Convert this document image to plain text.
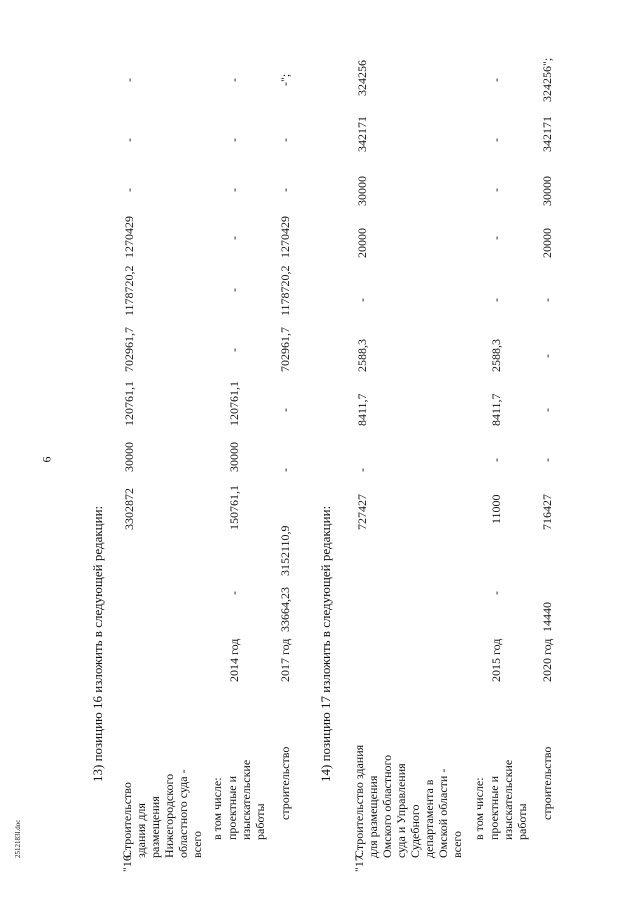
6
2512183l.doc
13) позицию 16 изложить в следующей редакции:
"16.
Строительство здания для размещения Нижегородского областного суда - всего
3302872
30000
120761,1
702961,7
1178720,2
1270429
-
-
-
в том числе: проектные и изыскательские работы
2014 год
-
150761,1
30000
120761,1
-
-
-
-
-
-
строительство
2017 год
33664,23
3152110,9
-
-
702961,7
1178720,2
1270429
-
-
-";
14) позицию 17 изложить в следующей редакции:
"17.
Строительство здания для размещения Омского областного суда и Управления Судебного департамента в Омской области - всего
727427
-
8411,7
2588,3
-
20000
30000
342171
324256
в том числе: проектные и изыскательские работы
2015 год
-
11000
-
8411,7
2588,3
-
-
-
-
-
строительство
2020 год
14440
716427
-
-
-
-
20000
30000
342171
324256";
